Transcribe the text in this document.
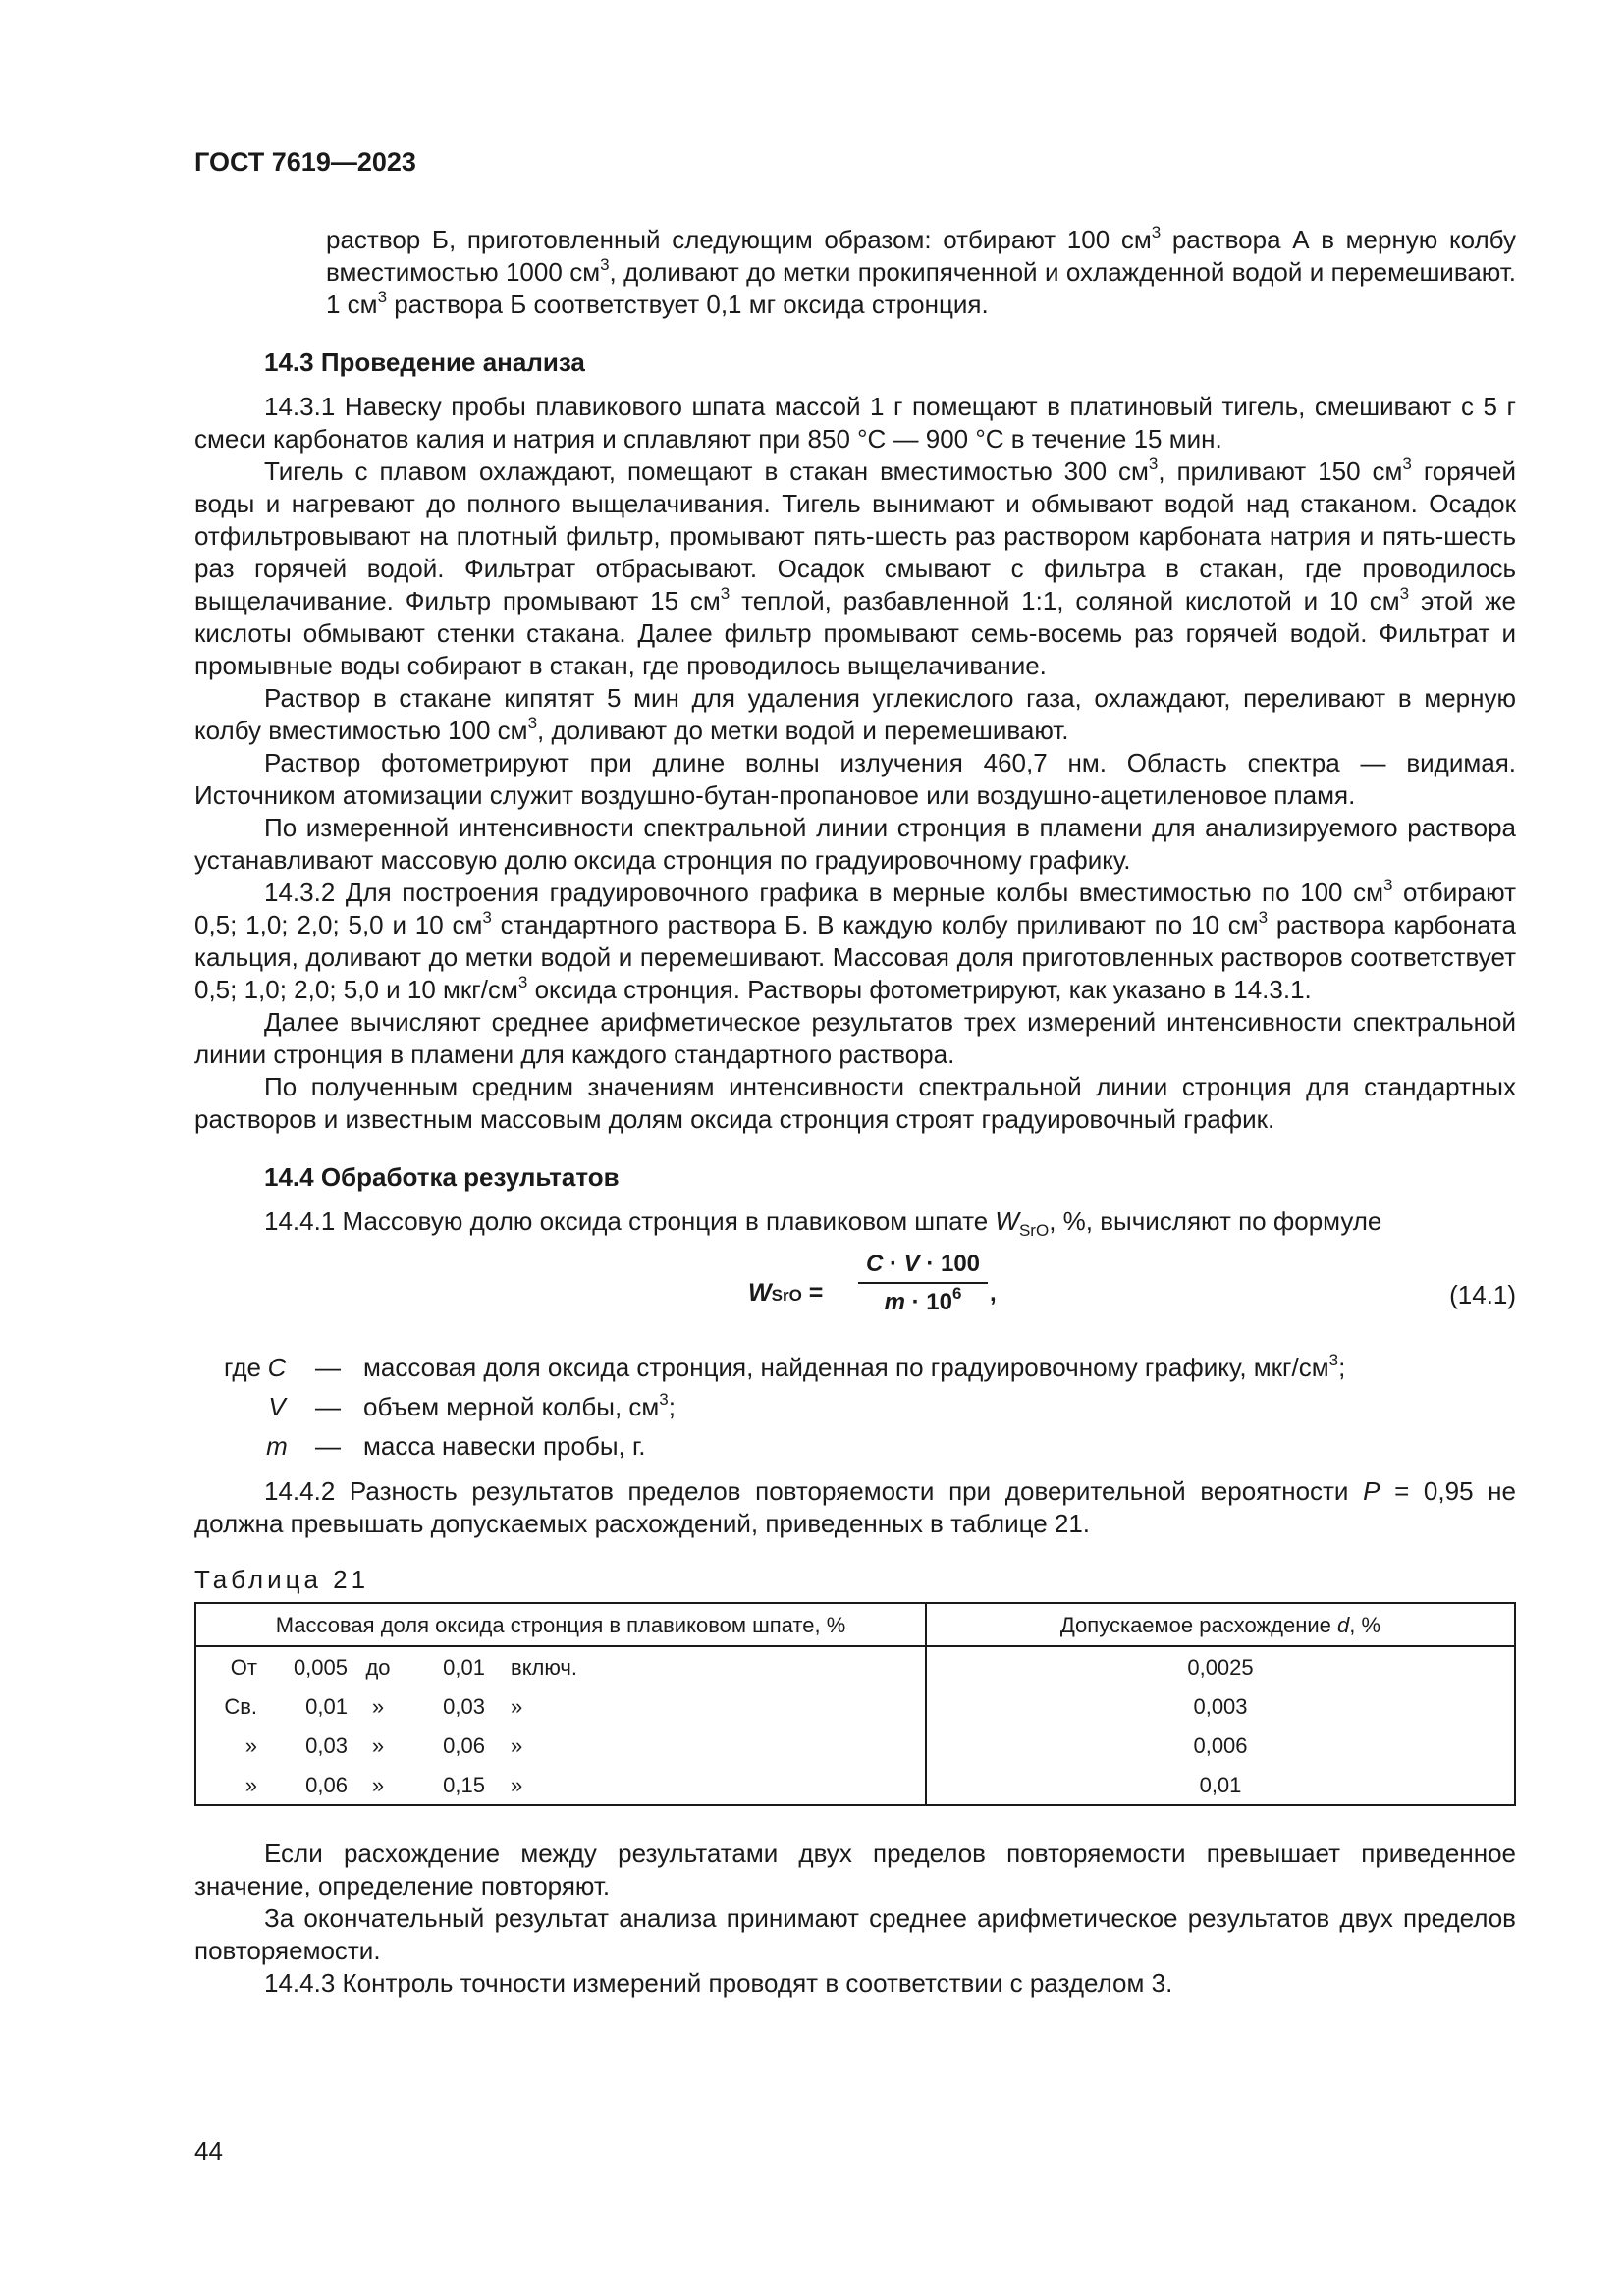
ГОСТ 7619—2023

раствор Б, приготовленный следующим образом: отбирают 100 $см^3$ раствора А в мерную колбу вместимостью 1000 $см^3$, доливают до метки прокипяченной и охлажденной водой и перемешивают. 1 $см^3$ раствора Б соответствует 0,1 мг оксида стронция.

14.3 Проведение анализа

14.3.1 Навеску пробы плавикового шпата массой 1 г помещают в платиновый тигель, смешивают с 5 г смеси карбонатов калия и натрия и сплавляют при 850 °С — 900 °С в течение 15 мин.

Тигель с плавом охлаждают, помещают в стакан вместимостью 300 $см^3$, приливают 150 $см^3$ горячей воды и нагревают до полного выщелачивания. Тигель вынимают и обмывают водой над стаканом. Осадок отфильтровывают на плотный фильтр, промывают пять-шесть раз раствором карбоната натрия и пять-шесть раз горячей водой. Фильтрат отбрасывают. Осадок смывают с фильтра в стакан, где проводилось выщелачивание. Фильтр промывают 15 $см^3$ теплой, разбавленной 1:1, соляной кислотой и 10 $см^3$ этой же кислоты обмывают стенки стакана. Далее фильтр промывают семь-восемь раз горячей водой. Фильтрат и промывные воды собирают в стакан, где проводилось выщелачивание.

Раствор в стакане кипятят 5 мин для удаления углекислого газа, охлаждают, переливают в мерную колбу вместимостью 100 $см^3$, доливают до метки водой и перемешивают.

Раствор фотометрируют при длине волны излучения 460,7 нм. Область спектра — видимая. Источником атомизации служит воздушно-бутан-пропановое или воздушно-ацетиленовое пламя.

По измеренной интенсивности спектральной линии стронция в пламени для анализируемого раствора устанавливают массовую долю оксида стронция по градуировочному графику.

14.3.2 Для построения градуировочного графика в мерные колбы вместимостью по 100 $см^3$ отбирают 0,5; 1,0; 2,0; 5,0 и 10 $см^3$ стандартного раствора Б. В каждую колбу приливают по 10 $см^3$ раствора карбоната кальция, доливают до метки водой и перемешивают. Массовая доля приготовленных растворов соответствует 0,5; 1,0; 2,0; 5,0 и 10 мкг/$см^3$ оксида стронция. Растворы фотометрируют, как указано в 14.3.1.

Далее вычисляют среднее арифметическое результатов трех измерений интенсивности спектральной линии стронция в пламени для каждого стандартного раствора.

По полученным средним значениям интенсивности спектральной линии стронция для стандартных растворов и известным массовым долям оксида стронция строят градуировочный график.

14.4 Обработка результатов

14.4.1 Массовую долю оксида стронция в плавиковом шпате $W_{SrO}$, %, вычисляют по формуле

WSrO =
C · V · 100
$m \cdot 10^6$	,	(14.1)
где C	— массовая доля оксида стронция, найденная по градуировочному графику, мкг/$см^3$;
V	— объем мерной колбы, $см^3$;
m	— масса навески пробы, г.

14.4.2 Разность результатов пределов повторяемости при доверительной вероятности P = 0,95 не должна превышать допускаемых расхождений, приведенных в таблице 21.

Таблица 21
Массовая доля оксида стронция в плавиковом шпате, %	Допускаемое расхождение d, %

От 0,005 до 0,01 включ.	0,0025

Св. 0,01 » 0,03 »	0,003

» 0,03 » 0,06 »	0,006

» 0,06 » 0,15 »	0,01

Если расхождение между результатами двух пределов повторяемости превышает приведенное значение, определение повторяют.

За окончательный результат анализа принимают среднее арифметическое результатов двух пределов повторяемости.

14.4.3 Контроль точности измерений проводят в соответствии с разделом 3.

44
